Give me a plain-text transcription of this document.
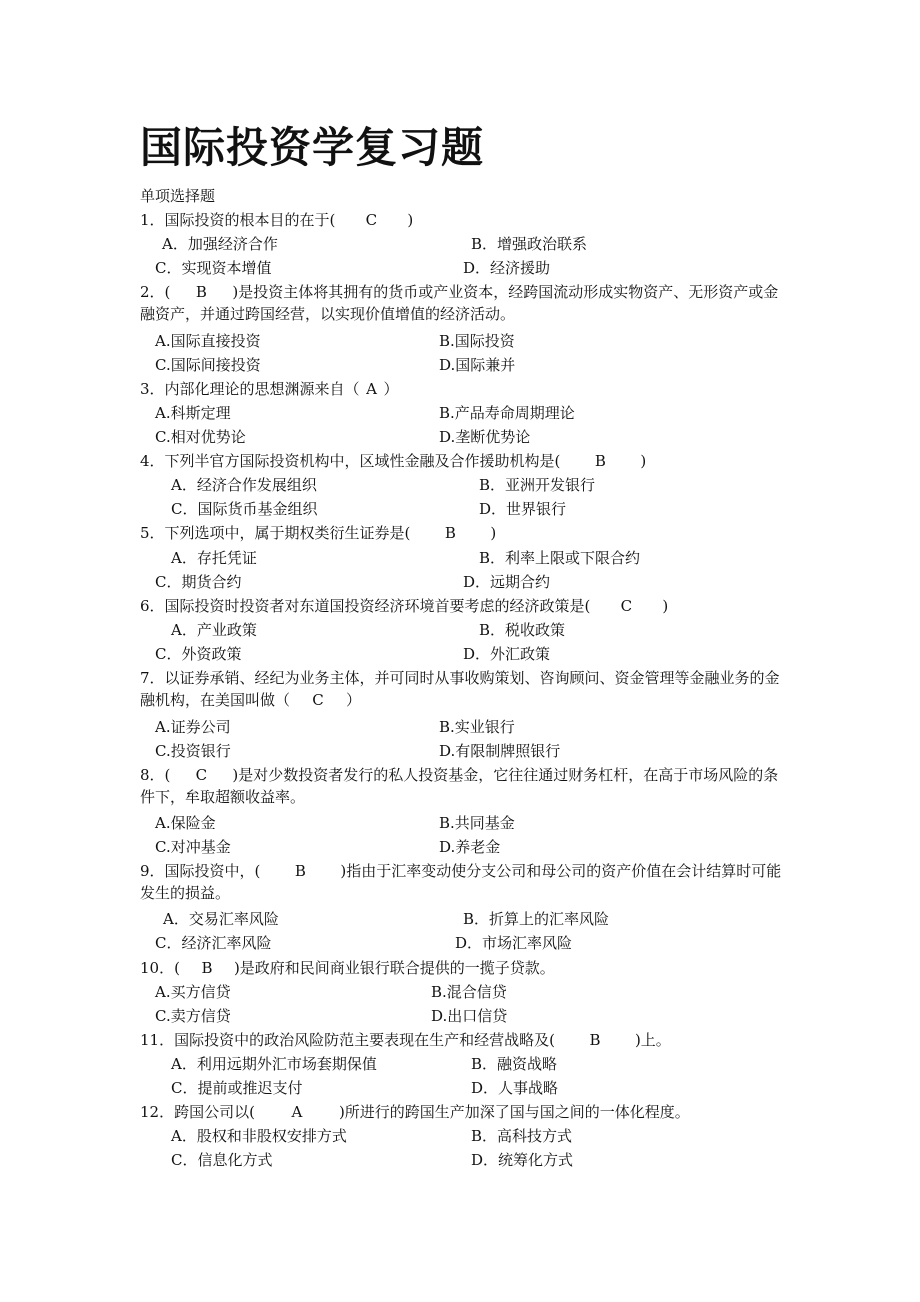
国际投资学复习题
单项选择题
1．国际投资的根本目的在于( C )
A．加强经济合作	B．增强政治联系
C．实现资本增值	D．经济援助
2．( B )是投资主体将其拥有的货币或产业资本，经跨国流动形成实物资产、无形资产或金融资产，并通过跨国经营，以实现价值增值的经济活动。
A.国际直接投资	B.国际投资
C.国际间接投资	D.国际兼并
3．内部化理论的思想渊源来自（ A ）
A.科斯定理	B.产品寿命周期理论
C.相对优势论	D.垄断优势论
4．下列半官方国际投资机构中，区域性金融及合作援助机构是( B )
A．经济合作发展组织	B．亚洲开发银行
C．国际货币基金组织	D．世界银行
5．下列选项中，属于期权类衍生证券是( B )
A．存托凭证	B．利率上限或下限合约
C．期货合约	D．远期合约
6．国际投资时投资者对东道国投资经济环境首要考虑的经济政策是( C )
A．产业政策	B．税收政策
C．外资政策	D．外汇政策
7．以证券承销、经纪为业务主体，并可同时从事收购策划、咨询顾问、资金管理等金融业务的金融机构，在美国叫做（ C ）
A.证券公司	B.实业银行
C.投资银行	D.有限制牌照银行
8．( C )是对少数投资者发行的私人投资基金，它往往通过财务杠杆，在高于市场风险的条件下，牟取超额收益率。
A.保险金	B.共同基金
C.对冲基金	D.养老金
9．国际投资中，( B )指由于汇率变动使分支公司和母公司的资产价值在会计结算时可能发生的损益。
A．交易汇率风险	B．折算上的汇率风险
C．经济汇率风险	D．市场汇率风险
10．( B )是政府和民间商业银行联合提供的一揽子贷款。
A.买方信贷	B.混合信贷
C.卖方信贷	D.出口信贷
11．国际投资中的政治风险防范主要表现在生产和经营战略及( B )上。
A．利用远期外汇市场套期保值	B．融资战略
C．提前或推迟支付	D．人事战略
12．跨国公司以( A )所进行的跨国生产加深了国与国之间的一体化程度。
A．股权和非股权安排方式	B．高科技方式
C．信息化方式	D．统筹化方式
